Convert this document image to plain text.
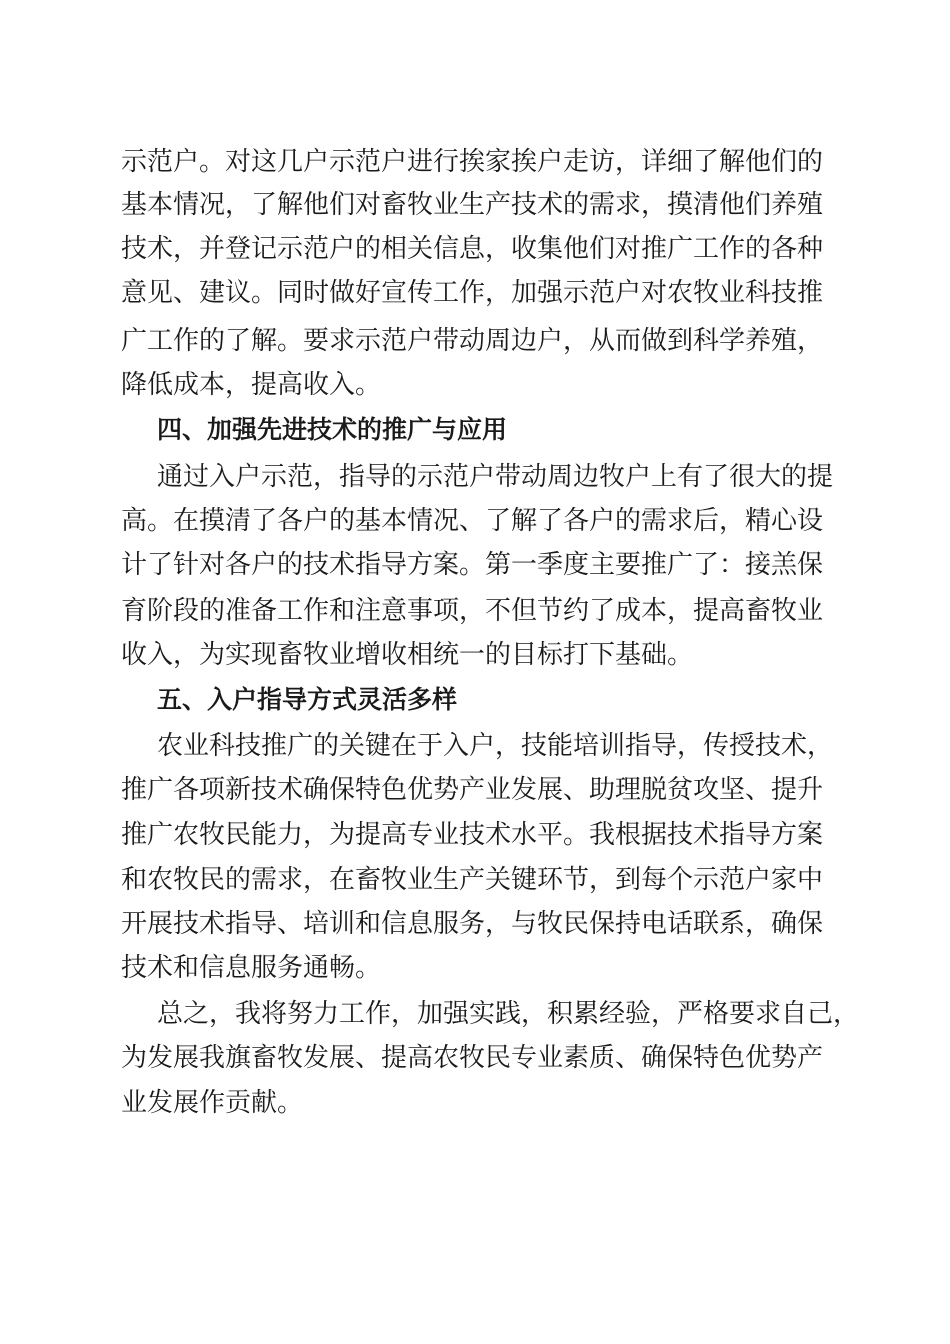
示范户。对这几户示范户进行挨家挨户走访，详细了解他们的
基本情况，了解他们对畜牧业生产技术的需求，摸清他们养殖
技术，并登记示范户的相关信息，收集他们对推广工作的各种
意见、建议。同时做好宣传工作，加强示范户对农牧业科技推
广工作的了解。要求示范户带动周边户，从而做到科学养殖，
降低成本，提高收入。
四、加强先进技术的推广与应用
通过入户示范，指导的示范户带动周边牧户上有了很大的提
高。在摸清了各户的基本情况、了解了各户的需求后，精心设
计了针对各户的技术指导方案。第一季度主要推广了：接羔保
育阶段的准备工作和注意事项，不但节约了成本，提高畜牧业
收入，为实现畜牧业增收相统一的目标打下基础。
五、入户指导方式灵活多样
农业科技推广的关键在于入户，技能培训指导，传授技术，
推广各项新技术确保特色优势产业发展、助理脱贫攻坚、提升
推广农牧民能力，为提高专业技术水平。我根据技术指导方案
和农牧民的需求，在畜牧业生产关键环节，到每个示范户家中
开展技术指导、培训和信息服务，与牧民保持电话联系，确保
技术和信息服务通畅。
总之，我将努力工作，加强实践，积累经验，严格要求自己，
为发展我旗畜牧发展、提高农牧民专业素质、确保特色优势产
业发展作贡献。
